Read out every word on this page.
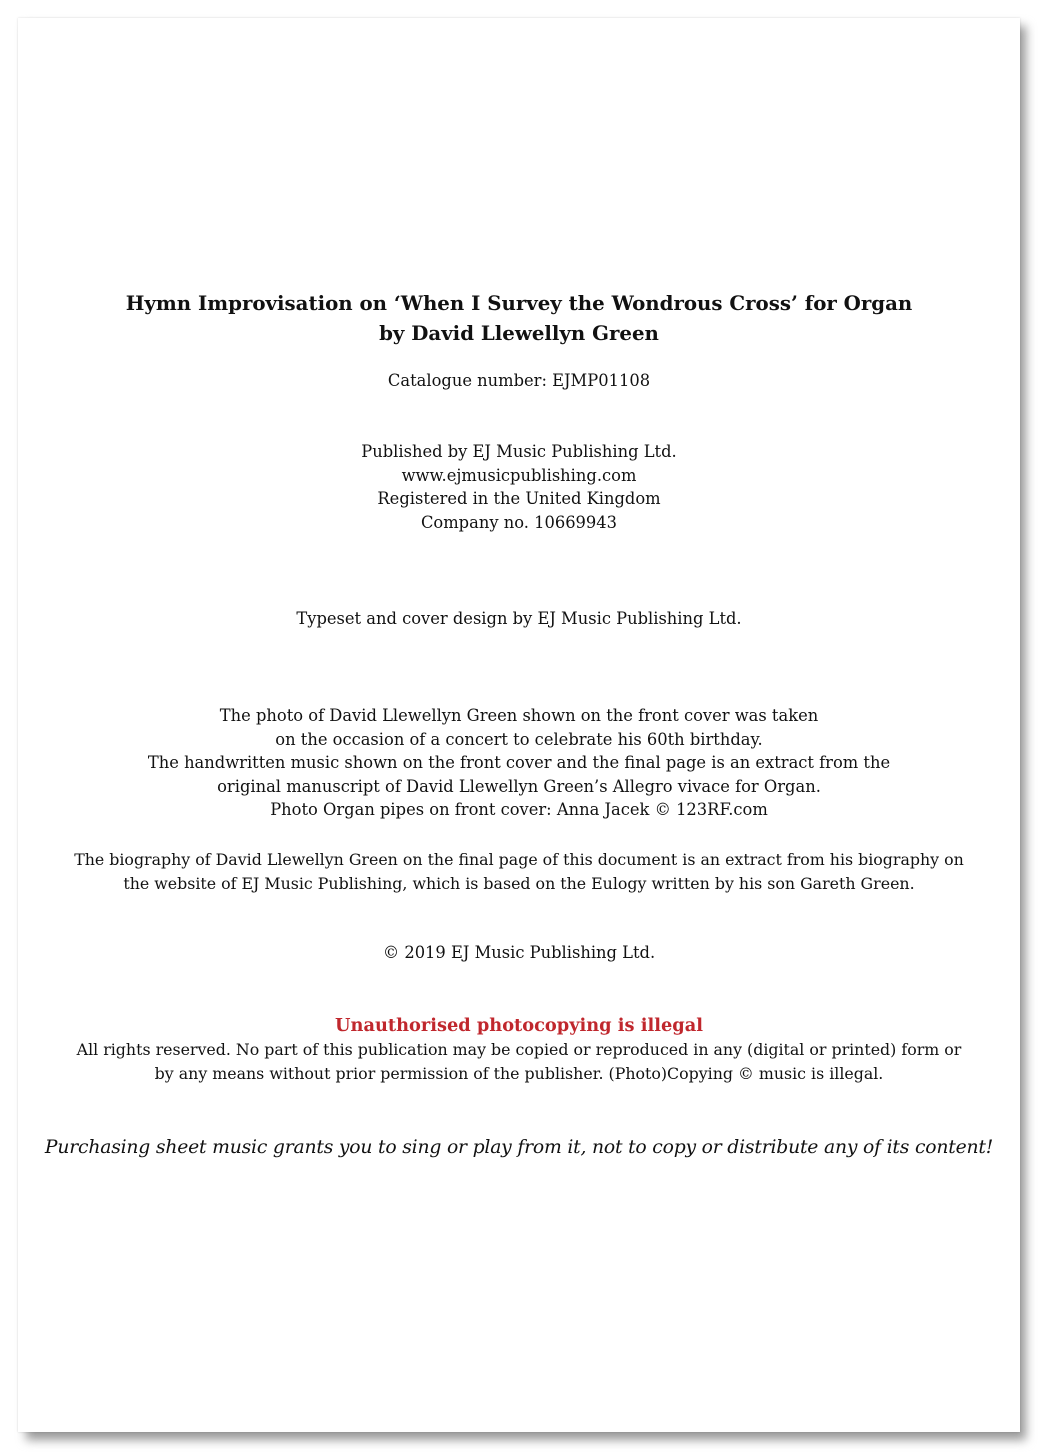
Hymn Improvisation on ‘When I Survey the Wondrous Cross’ for Organ
by David Llewellyn Green
Catalogue number: EJMP01108
Published by EJ Music Publishing Ltd.
www.ejmusicpublishing.com
Registered in the United Kingdom
Company no. 10669943
Typeset and cover design by EJ Music Publishing Ltd.
The photo of David Llewellyn Green shown on the front cover was taken
on the occasion of a concert to celebrate his 60th birthday.
The handwritten music shown on the front cover and the final page is an extract from the
original manuscript of David Llewellyn Green’s Allegro vivace for Organ.
Photo Organ pipes on front cover: Anna Jacek © 123RF.com
The biography of David Llewellyn Green on the final page of this document is an extract from his biography on
the website of EJ Music Publishing, which is based on the Eulogy written by his son Gareth Green.
© 2019 EJ Music Publishing Ltd.
Unauthorised photocopying is illegal
All rights reserved. No part of this publication may be copied or reproduced in any (digital or printed) form or
by any means without prior permission of the publisher. (Photo)Copying © music is illegal.
Purchasing sheet music grants you to sing or play from it, not to copy or distribute any of its content!
